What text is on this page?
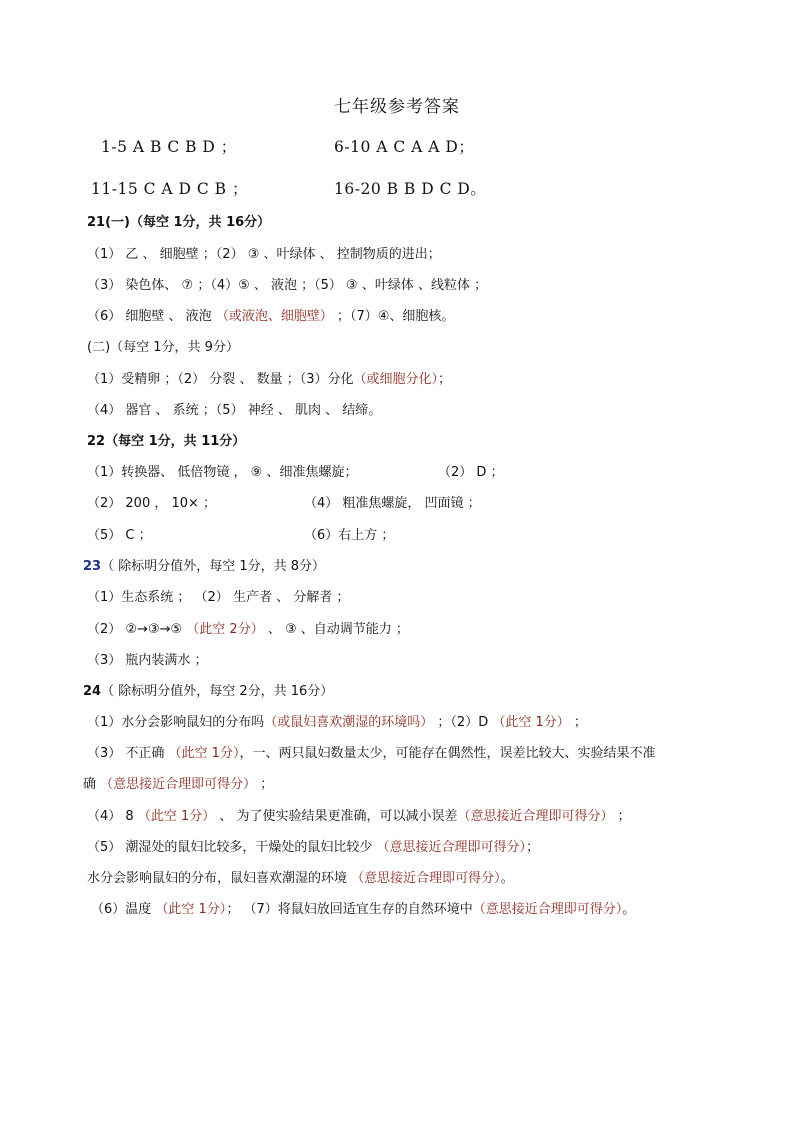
七年级参考答案
1-5 A B C B D ；	6-10 A C A A D；
11-15 C A D C B ；	16-20 B B D C D。
21(一)（每空 1分，共 16分）
（1） 乙 、 细胞壁 ；（2） ③ 、叶绿体 、 控制物质的进出；
（3） 染色体、 ⑦ ；（4）⑤ 、 液泡 ；（5） ③ 、叶绿体 、线粒体 ；
（6） 细胞壁 、 液泡 （或液泡、细胞壁） ；（7）④、细胞核。
(二)（每空 1分，共 9分）
（1）受精卵 ；（2） 分裂 、 数量 ；（3）分化（或细胞分化）；
（4） 器官 、 系统 ；（5） 神经 、 肌肉 、 结缔。
22（每空 1分，共 11分）
（1）转换器、 低倍物镜 ， ⑨ 、细准焦螺旋；	（2） D ；
（2） 200 ， 10× ；	（4） 粗准焦螺旋， 凹面镜 ；
（5） C ；	（6）右上方 ；
23（ 除标明分值外，每空 1分，共 8分）
（1）生态系统 ； （2） 生产者 、 分解者 ；
（2） ②→③→⑤ （此空 2分） 、 ③ 、自动调节能力 ；
（3） 瓶内装满水 ；
24（ 除标明分值外，每空 2分，共 16分）
（1）水分会影响鼠妇的分布吗（或鼠妇喜欢潮湿的环境吗） ；（2）D （此空 1分） ；
（3） 不正确 （此空 1分），一、两只鼠妇数量太少，可能存在偶然性，误差比较大、实验结果不准
确 （意思接近合理即可得分） ；
（4） 8 （此空 1分） 、 为了使实验结果更准确，可以减小误差（意思接近合理即可得分） ；
（5） 潮湿处的鼠妇比较多，干燥处的鼠妇比较少 （意思接近合理即可得分）；
水分会影响鼠妇的分布，鼠妇喜欢潮湿的环境 （意思接近合理即可得分）。
（6）温度 （此空 1分）； （7）将鼠妇放回适宜生存的自然环境中（意思接近合理即可得分）。
